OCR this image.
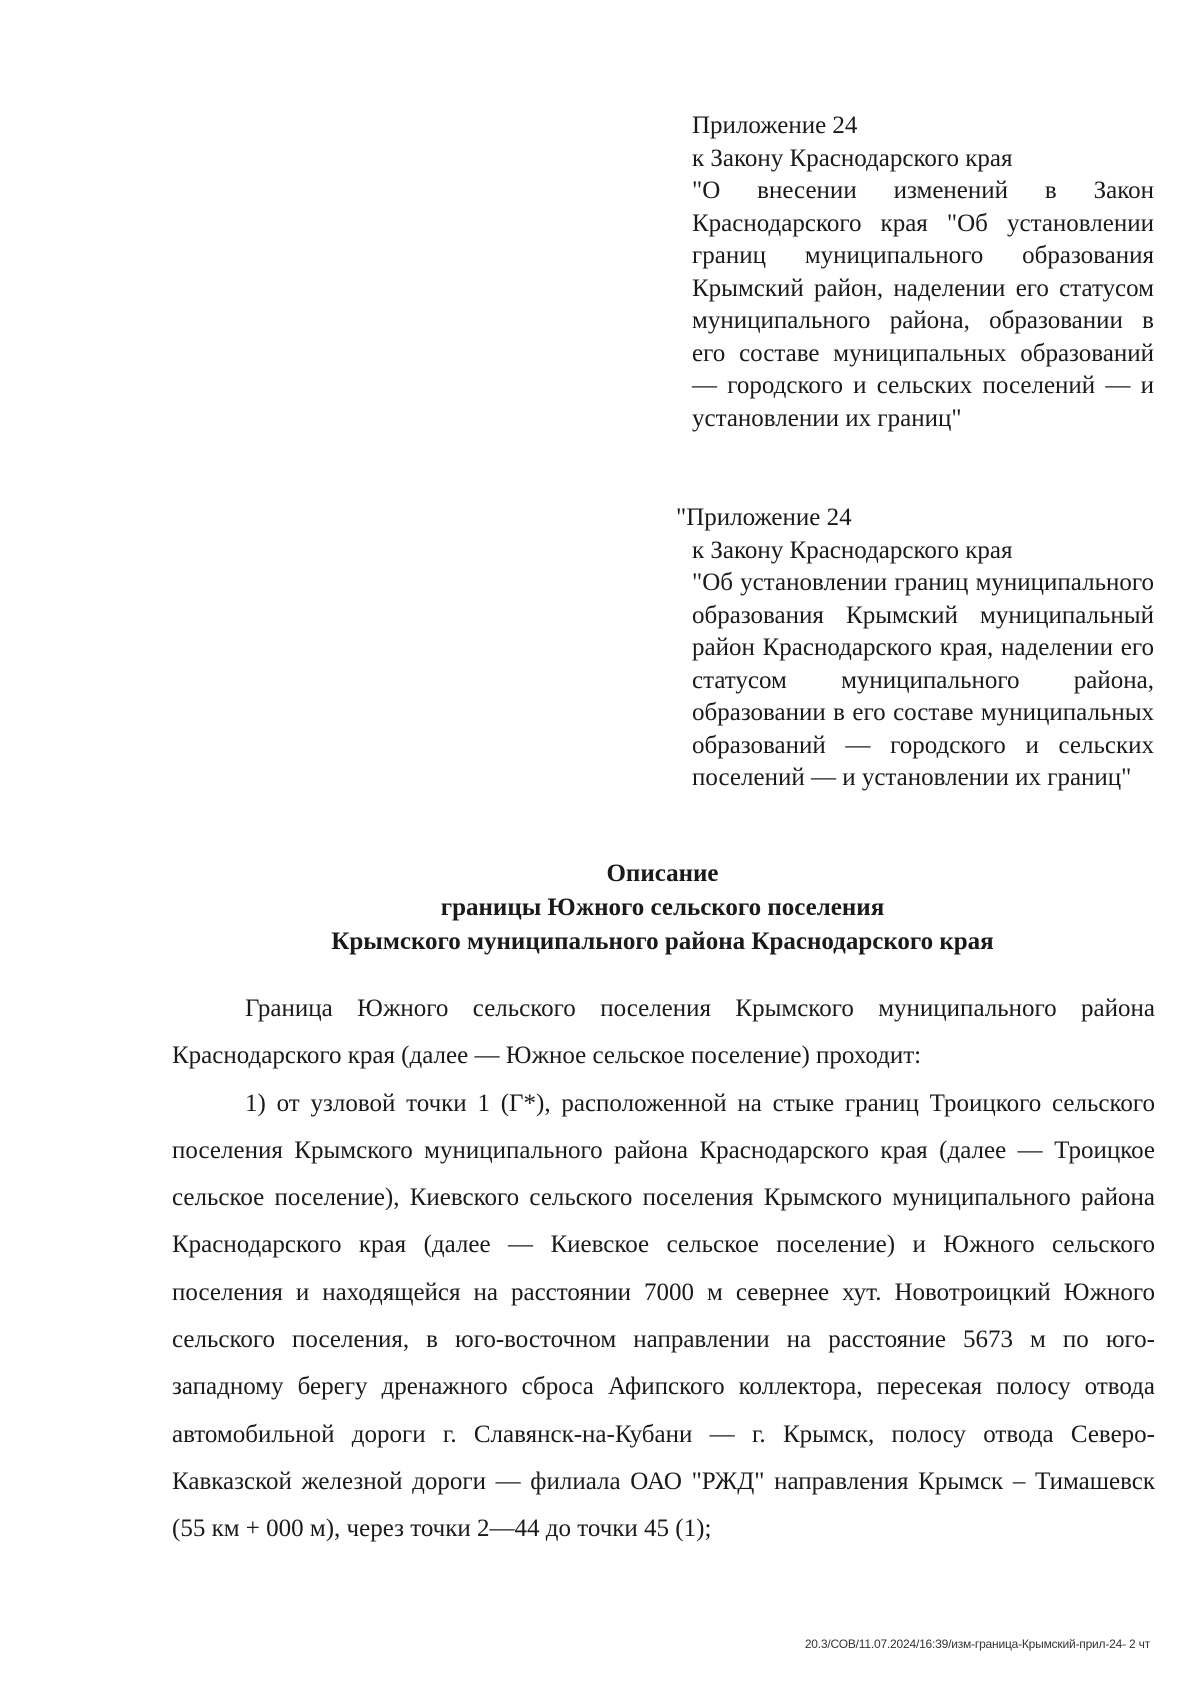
Приложение 24
к Закону Краснодарского края
"О внесении изменений в Закон Краснодарского края "Об установлении границ муниципального образования Крымский район, наделении его статусом муниципального района, образовании в его составе муниципальных образований — городского и сельских поселений — и установлении их границ"
"Приложение 24
к Закону Краснодарского края
"Об установлении границ муниципального образования Крымский муниципальный район Краснодарского края, наделении его статусом муниципального района, образовании в его составе муниципальных образований — городского и сельских поселений — и установлении их границ"
Описание
границы Южного сельского поселения
Крымского муниципального района Краснодарского края

Граница Южного сельского поселения Крымского муниципального района Краснодарского края (далее — Южное сельское поселение) проходит:

1) от узловой точки 1 (Г*), расположенной на стыке границ Троицкого сельского поселения Крымского муниципального района Краснодарского края (далее — Троицкое сельское поселение), Киевского сельского поселения Крымского муниципального района Краснодарского края (далее — Киевское сельское поселение) и Южного сельского поселения и находящейся на расстоянии 7000 м севернее хут. Новотроицкий Южного сельского поселения, в юго-восточном направлении на расстояние 5673 м по юго-западному берегу дренажного сброса Афипского коллектора, пересекая полосу отвода автомобильной дороги г. Славянск-на-Кубани — г. Крымск, полосу отвода Северо-Кавказской железной дороги — филиала ОАО "РЖД" направления Крымск – Тимашевск (55 км + 000 м), через точки 2—44 до точки 45 (1);

20.3/СОВ/11.07.2024/16:39/изм-граница-Крымский-прил-24- 2 чт
